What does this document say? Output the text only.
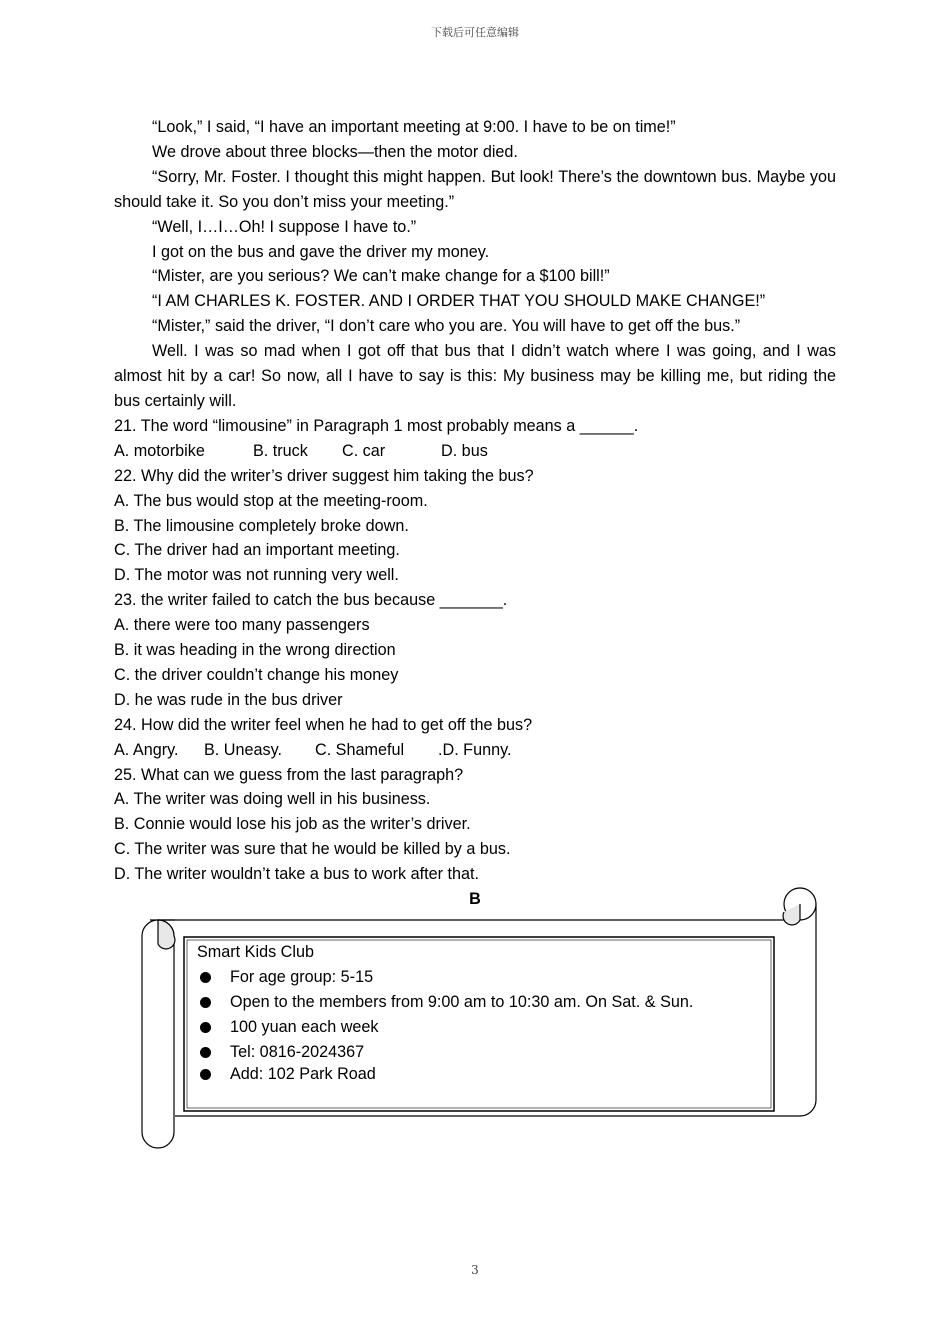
下载后可任意编辑

“Look,” I said, “I have an important meeting at 9:00. I have to be on time!”

We drove about three blocks—then the motor died.

“Sorry, Mr. Foster. I thought this might happen. But look! There’s the downtown bus. Maybe you should take it. So you don’t miss your meeting.”

“Well, I…I…Oh! I suppose I have to.”

I got on the bus and gave the driver my money.

“Mister, are you serious? We can’t make change for a $100 bill!”

“I AM CHARLES K. FOSTER. AND I ORDER THAT YOU SHOULD MAKE CHANGE!”

“Mister,” said the driver, “I don’t care who you are. You will have to get off the bus.”

Well. I was so mad when I got off that bus that I didn’t watch where I was going, and I was almost hit by a car! So now, all I have to say is this: My business may be killing me, but riding the bus certainly will.

21. The word “limousine” in Paragraph 1 most probably means a ______.

A. motorbike	B. truck C. car	D. bus

22. Why did the writer’s driver suggest him taking the bus?

A. The bus would stop at the meeting-room.

B. The limousine completely broke down.

C. The driver had an important meeting.

D. The motor was not running very well.

23. the writer failed to catch the bus because _______.

A. there were too many passengers

B. it was heading in the wrong direction

C. the driver couldn’t change his money

D. he was rude in the bus driver

24. How did the writer feel when he had to get off the bus?

A. Angry. B. Uneasy. C. Shameful .D. Funny.

25. What can we guess from the last paragraph?

A. The writer was doing well in his business.

B. Connie would lose his job as the writer’s driver.

C. The writer was sure that he would be killed by a bus.

D. The writer wouldn’t take a bus to work after that.

B

Smart Kids Club

For age group: 5-15
Open to the members from 9:00 am to 10:30 am. On Sat. & Sun.
100 yuan each week
Tel: 0816-2024367
Add: 102 Park Road
3
